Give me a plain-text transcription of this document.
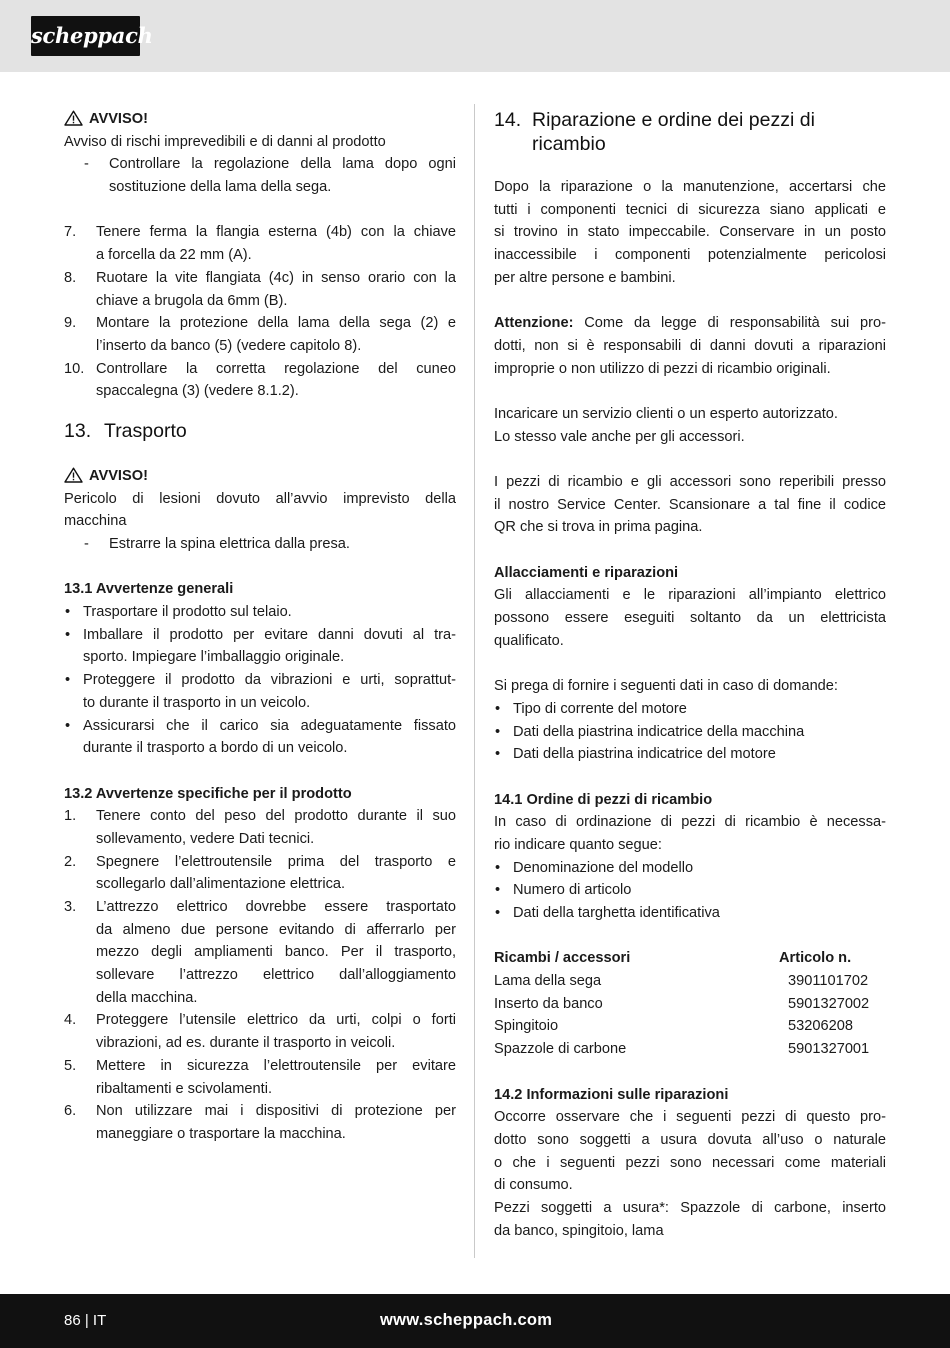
scheppach
AVVISO!
Avviso di rischi imprevedibili e di danni al prodotto
- Controllare la regolazione della lama dopo ogni
sostituzione della lama della sega.
7. Tenere ferma la flangia esterna (4b) con la chiave
a forcella da 22 mm (A).
8. Ruotare la vite flangiata (4c) in senso orario con la
chiave a brugola da 6mm (B).
9. Montare la protezione della lama della sega (2) e
l’inserto da banco (5) (vedere capitolo 8).
10. Controllare la corretta regolazione del cuneo
spaccalegna (3) (vedere 8.1.2).
13. Trasporto
AVVISO!
Pericolo di lesioni dovuto all’avvio imprevisto della
macchina
- Estrarre la spina elettrica dalla presa.
13.1 Avvertenze generali
• Trasportare il prodotto sul telaio.
• Imballare il prodotto per evitare danni dovuti al tra-
sporto. Impiegare l’imballaggio originale.
• Proteggere il prodotto da vibrazioni e urti, soprattut-
to durante il trasporto in un veicolo.
• Assicurarsi che il carico sia adeguatamente fissato
durante il trasporto a bordo di un veicolo.
13.2 Avvertenze specifiche per il prodotto
1. Tenere conto del peso del prodotto durante il suo
sollevamento, vedere Dati tecnici.
2. Spegnere l’elettroutensile prima del trasporto e
scollegarlo dall’alimentazione elettrica.
3. L’attrezzo elettrico dovrebbe essere trasportato
da almeno due persone evitando di afferrarlo per
mezzo degli ampliamenti banco. Per il trasporto,
sollevare l’attrezzo elettrico dall’alloggiamento
della macchina.
4. Proteggere l’utensile elettrico da urti, colpi o forti
vibrazioni, ad es. durante il trasporto in veicoli.
5. Mettere in sicurezza l’elettroutensile per evitare
ribaltamenti e scivolamenti.
6. Non utilizzare mai i dispositivi di protezione per
maneggiare o trasportare la macchina.
14. Riparazione e ordine dei pezzi di
ricambio
Dopo la riparazione o la manutenzione, accertarsi che
tutti i componenti tecnici di sicurezza siano applicati e
si trovino in stato impeccabile. Conservare in un posto
inaccessibile i componenti potenzialmente pericolosi
per altre persone e bambini.
Attenzione: Come da legge di responsabilità sui pro-
dotti, non si è responsabili di danni dovuti a riparazioni
improprie o non utilizzo di pezzi di ricambio originali.
Incaricare un servizio clienti o un esperto autorizzato.
Lo stesso vale anche per gli accessori.
I pezzi di ricambio e gli accessori sono reperibili presso
il nostro Service Center. Scansionare a tal fine il codice
QR che si trova in prima pagina.
Allacciamenti e riparazioni
Gli allacciamenti e le riparazioni all’impianto elettrico
possono essere eseguiti soltanto da un elettricista
qualificato.
Si prega di fornire i seguenti dati in caso di domande:
• Tipo di corrente del motore
• Dati della piastrina indicatrice della macchina
• Dati della piastrina indicatrice del motore
14.1 Ordine di pezzi di ricambio
In caso di ordinazione di pezzi di ricambio è necessa-
rio indicare quanto segue:
• Denominazione del modello
• Numero di articolo
• Dati della targhetta identificativa
Ricambi / accessori	Articolo n.
Lama della sega	3901101702
Inserto da banco	5901327002
Spingitoio	53206208
Spazzole di carbone	5901327001
14.2 Informazioni sulle riparazioni
Occorre osservare che i seguenti pezzi di questo pro-
dotto sono soggetti a usura dovuta all’uso o naturale
o che i seguenti pezzi sono necessari come materiali
di consumo.
Pezzi soggetti a usura*: Spazzole di carbone, inserto
da banco, spingitoio, lama
86 | IT	www.scheppach.com
